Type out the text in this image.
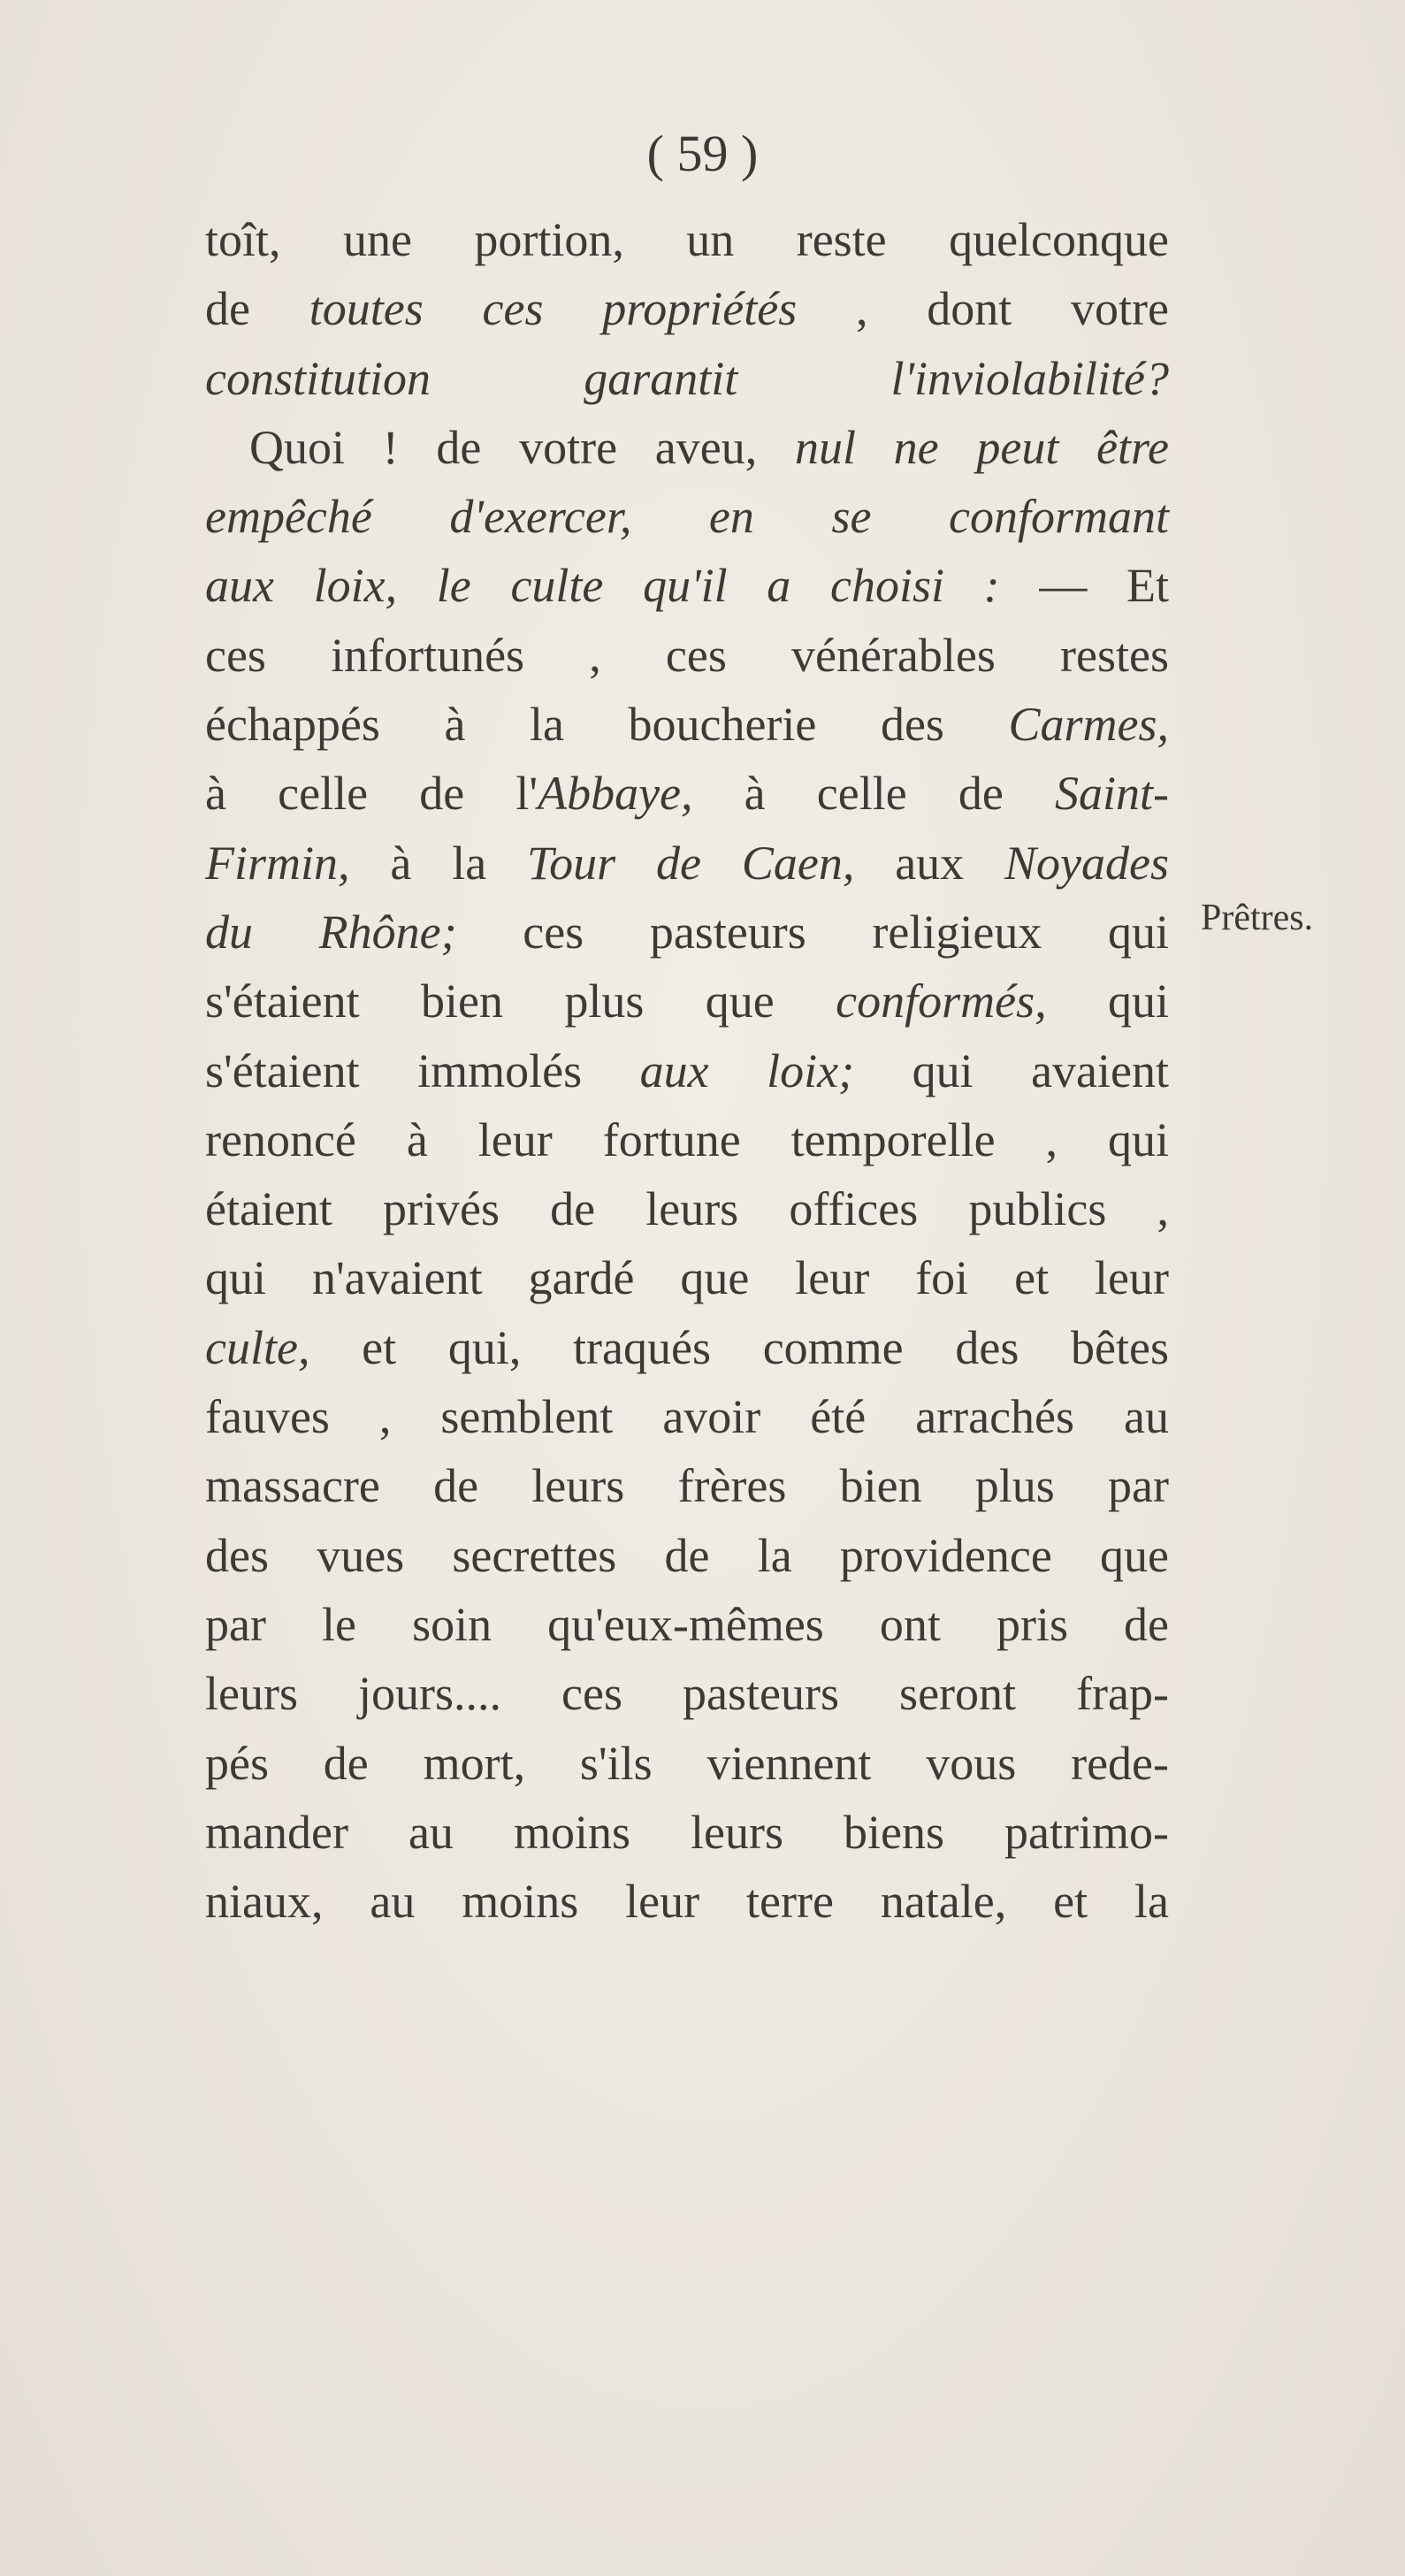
( 59 )
toît, une portion, un reste quelconque
de toutes ces propriétés , dont votre
constitution garantit l'inviolabilité?
Quoi ! de votre aveu, nul ne peut être
empêché d'exercer, en se conformant
aux loix, le culte qu'il a choisi : — Et
ces infortunés , ces vénérables restes
échappés à la boucherie des Carmes,
à celle de l'Abbaye, à celle de Saint-
Firmin, à la Tour de Caen, aux Noyades
du Rhône; ces pasteurs religieux qui
s'étaient bien plus que conformés, qui
s'étaient immolés aux loix; qui avaient
renoncé à leur fortune temporelle , qui
étaient privés de leurs offices publics ,
qui n'avaient gardé que leur foi et leur
culte, et qui, traqués comme des bêtes
fauves , semblent avoir été arrachés au
massacre de leurs frères bien plus par
des vues secrettes de la providence que
par le soin qu'eux-mêmes ont pris de
leurs jours.... ces pasteurs seront frap-
pés de mort, s'ils viennent vous rede-
mander au moins leurs biens patrimo-
niaux, au moins leur terre natale, et la
Prêtres.
